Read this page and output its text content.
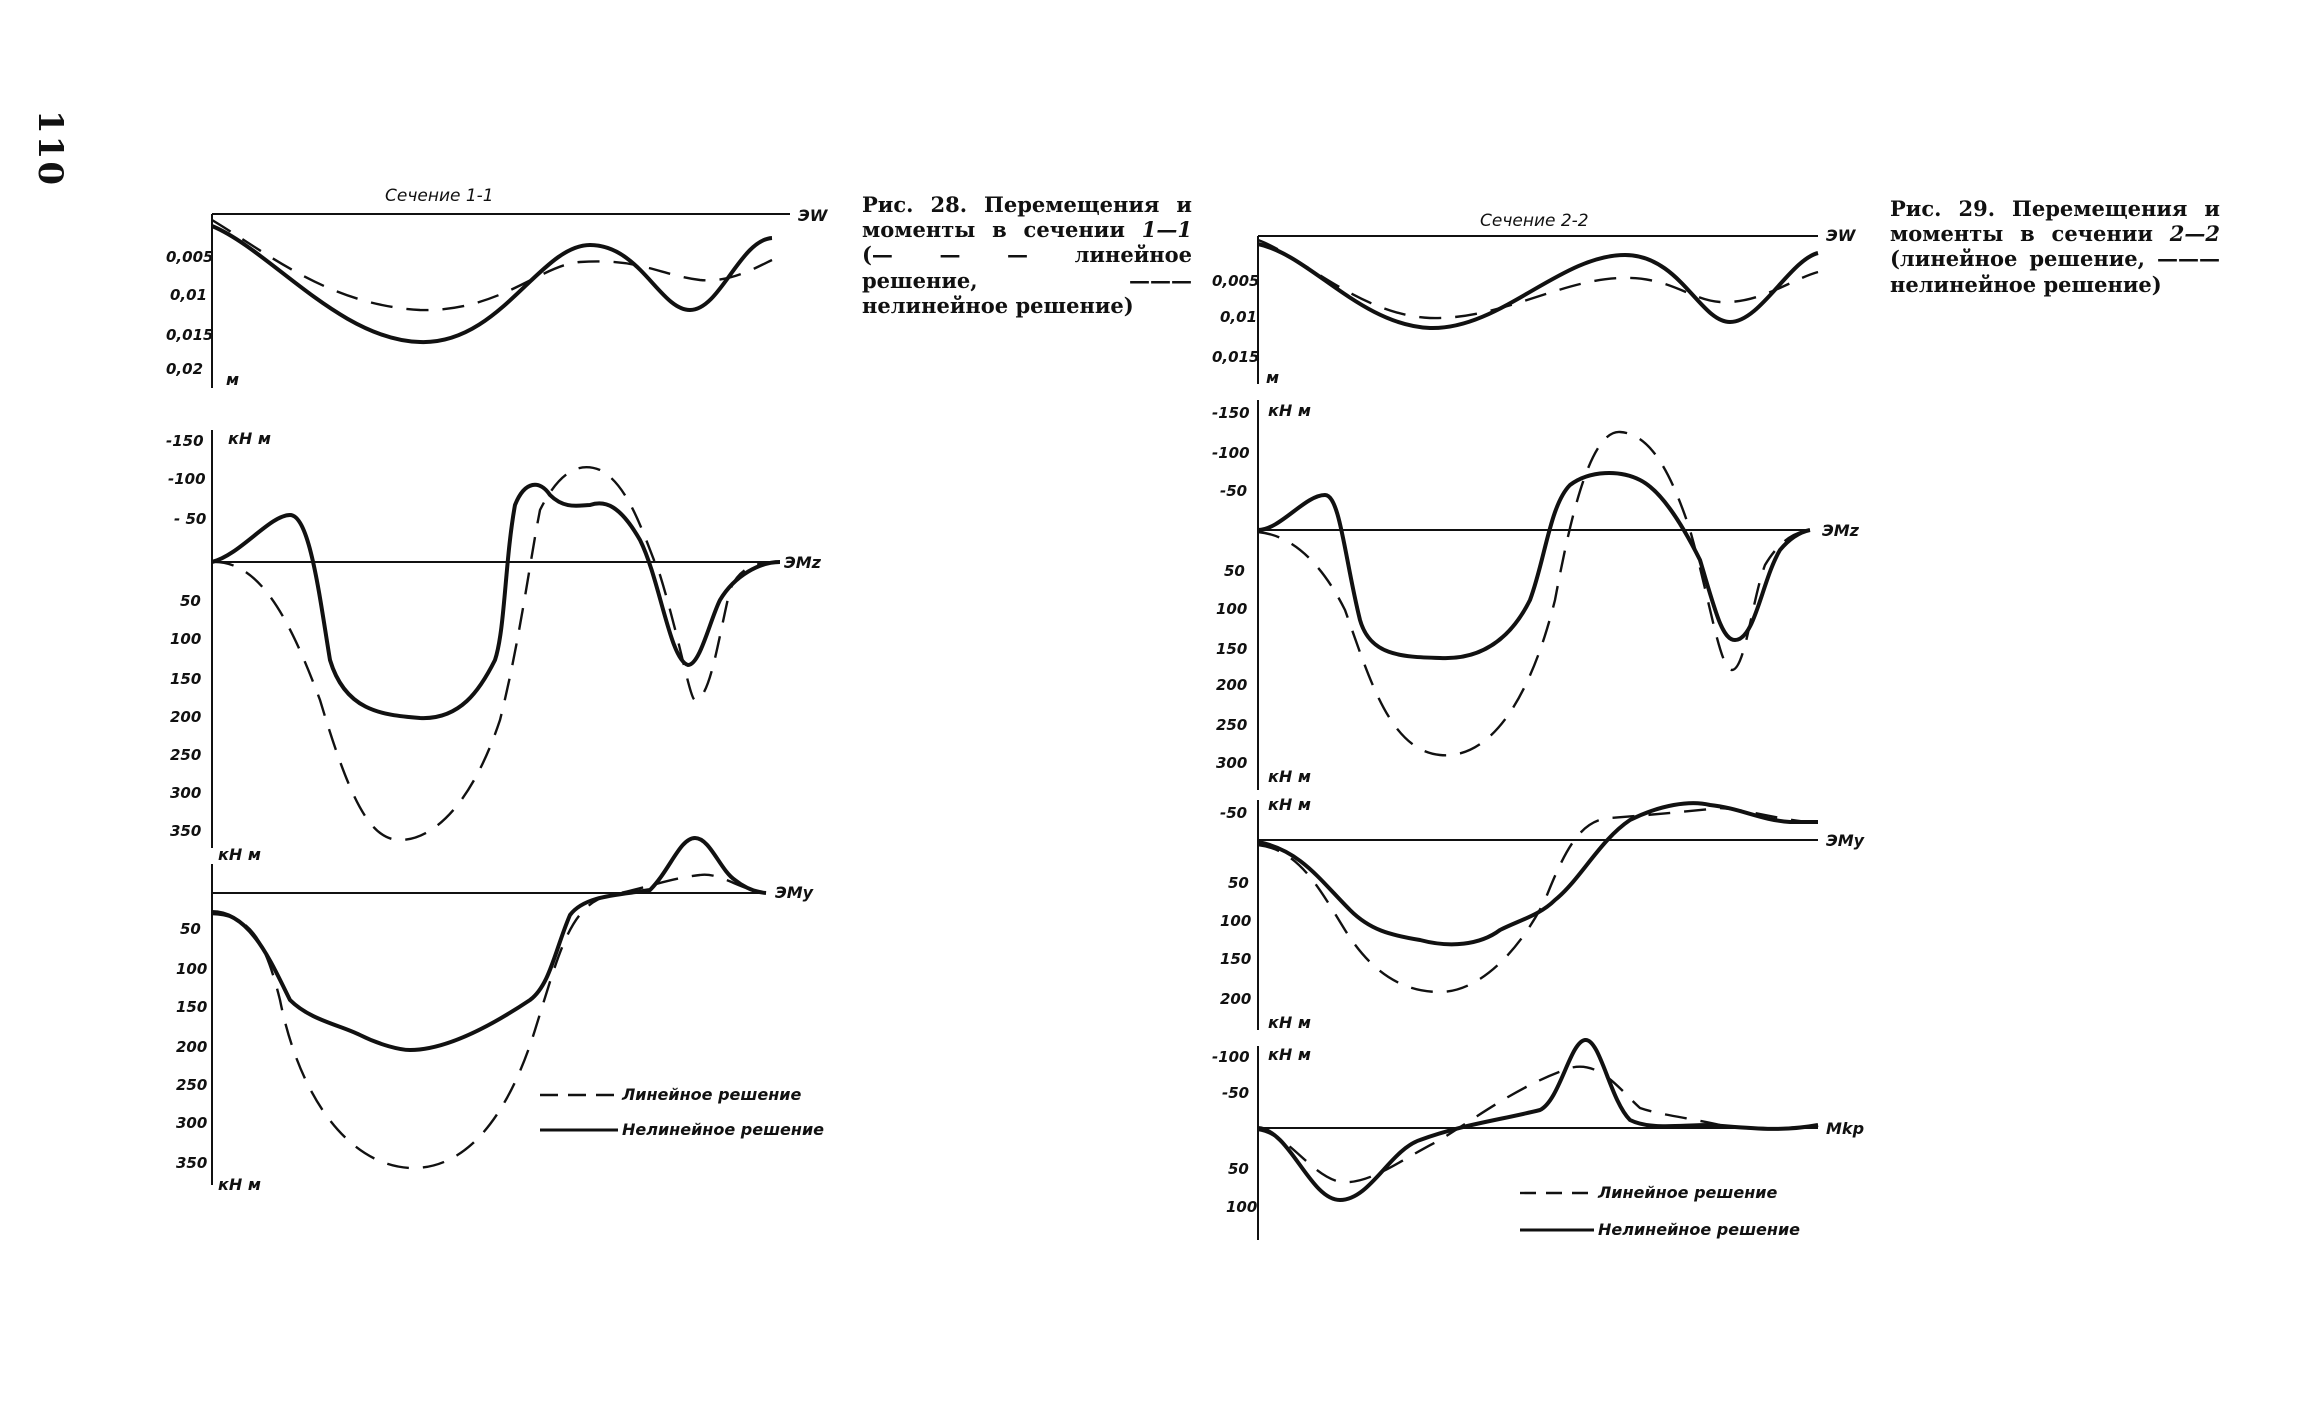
110
Сечение 1-1
ЭW
0,005
0,01
0,015
0,02
м
ЭMz
кН м
-150
-100
- 50
50
100
150
200
250
300
350
кН м
ЭMy
50
100
150
200
250
300
350
кН м
Линейное решение
Нелинейное решение
Сечение 2-2
ЭW
0,005
0,01
0,015
м
ЭMz
кН м
-150
-100
-50
50
100
150
200
250
300
кН м
ЭMy
кН м
-50
50
100
150
200
кН м
Mkp
кН м
-100
-50
50
100
Линейное решение
Нелинейное решение
Рис. 28. Перемещения и моменты в сечении 1—1 (— — — линейное решение,	——— нелинейное решение)
Рис. 29. Перемещения и моменты в сечении 2—2 (линейное решение, ——— нелинейное решение)
